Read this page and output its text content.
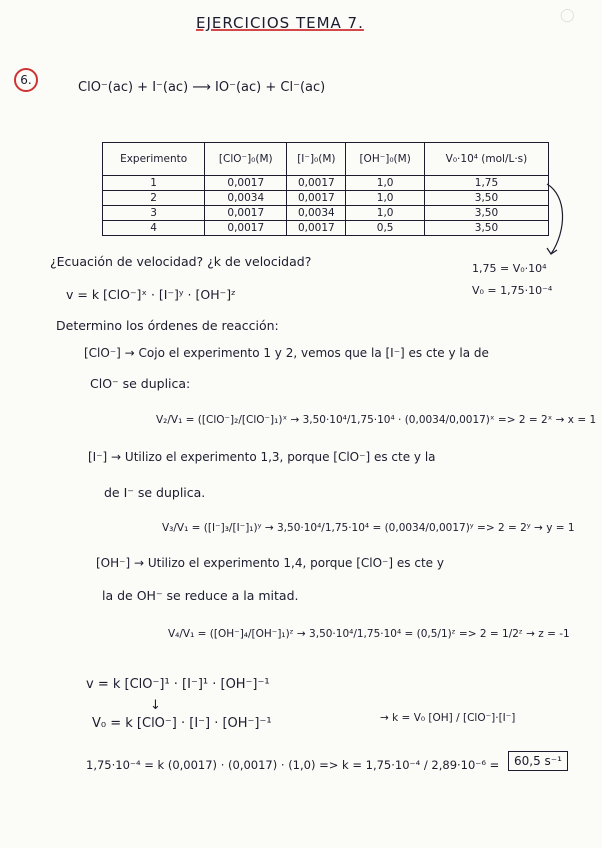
◯
EJERCICIOS TEMA 7.
6.	ClO⁻(ac) + I⁻(ac) ⟶ IO⁻(ac) + Cl⁻(ac)
Experimento	[ClO⁻]₀(M)	[I⁻]₀(M)	[OH⁻]₀(M)	V₀·10⁴ (mol/L·s)
1	0,0017	0,0017	1,0	1,75
2	0,0034	0,0017	1,0	3,50
3	0,0017	0,0034	1,0	3,50
4	0,0017	0,0017	0,5	3,50
1,75 = V₀·10⁴
V₀ = 1,75·10⁻⁴
¿Ecuación de velocidad? ¿k de velocidad?
v = k [ClO⁻]ˣ · [I⁻]ʸ · [OH⁻]ᶻ
Determino los órdenes de reacción:
[ClO⁻] → Cojo el experimento 1 y 2, vemos que la [I⁻] es cte y la de
ClO⁻ se duplica:
V₂/V₁ = ([ClO⁻]₂/[ClO⁻]₁)ˣ → 3,50·10⁴/1,75·10⁴ · (0,0034/0,0017)ˣ => 2 = 2ˣ → x = 1
[I⁻] → Utilizo el experimento 1,3, porque [ClO⁻] es cte y la
de I⁻ se duplica.
V₃/V₁ = ([I⁻]₃/[I⁻]₁)ʸ → 3,50·10⁴/1,75·10⁴ = (0,0034/0,0017)ʸ => 2 = 2ʸ → y = 1
[OH⁻] → Utilizo el experimento 1,4, porque [ClO⁻] es cte y
la de OH⁻ se reduce a la mitad.
V₄/V₁ = ([OH⁻]₄/[OH⁻]₁)ᶻ → 3,50·10⁴/1,75·10⁴ = (0,5/1)ᶻ => 2 = 1/2ᶻ → z = -1
v = k [ClO⁻]¹ · [I⁻]¹ · [OH⁻]⁻¹
↓
V₀ = k [ClO⁻] · [I⁻] · [OH⁻]⁻¹	→ k = V₀ [OH] / [ClO⁻]·[I⁻]
1,75·10⁻⁴ = k (0,0017) · (0,0017) · (1,0) => k = 1,75·10⁻⁴ / 2,89·10⁻⁶ =	60,5 s⁻¹
